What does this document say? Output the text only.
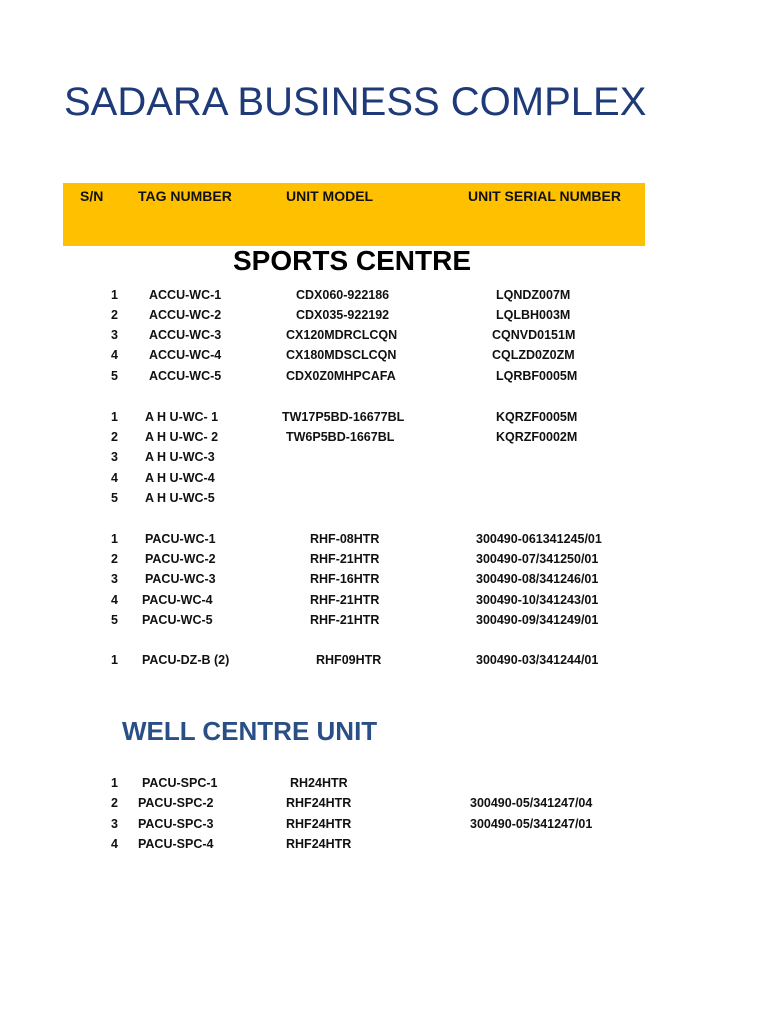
SADARA BUSINESS COMPLEX
S/N TAG NUMBER	UNIT MODEL	UNIT SERIAL NUMBER
SPORTS CENTRE
WELL CENTRE UNIT
1 ACCU-WC-1	CDX060-922186	LQNDZ007M
2 ACCU-WC-2	CDX035-922192	LQLBH003M
3 ACCU-WC-3	CX120MDRCLCQN	CQNVD0151M
4 ACCU-WC-4	CX180MDSCLCQN	CQLZD0Z0ZM
5 ACCU-WC-5	CDX0Z0MHPCAFA	LQRBF0005M
1 A H U-WC- 1	TW17P5BD-16677BL	KQRZF0005M
2 A H U-WC- 2	TW6P5BD-1667BL	KQRZF0002M
3 A H U-WC-3
4 A H U-WC-4
5 A H U-WC-5
1 PACU-WC-1	RHF-08HTR	300490-061341245/01
2 PACU-WC-2	RHF-21HTR	300490-07/341250/01
3 PACU-WC-3	RHF-16HTR	300490-08/341246/01
4 PACU-WC-4	RHF-21HTR	300490-10/341243/01
5 PACU-WC-5	RHF-21HTR	300490-09/341249/01
1 PACU-DZ-B (2)	RHF09HTR	300490-03/341244/01
1 PACU-SPC-1	RH24HTR
2 PACU-SPC-2	RHF24HTR	300490-05/341247/04
3 PACU-SPC-3	RHF24HTR	300490-05/341247/01
4 PACU-SPC-4	RHF24HTR
